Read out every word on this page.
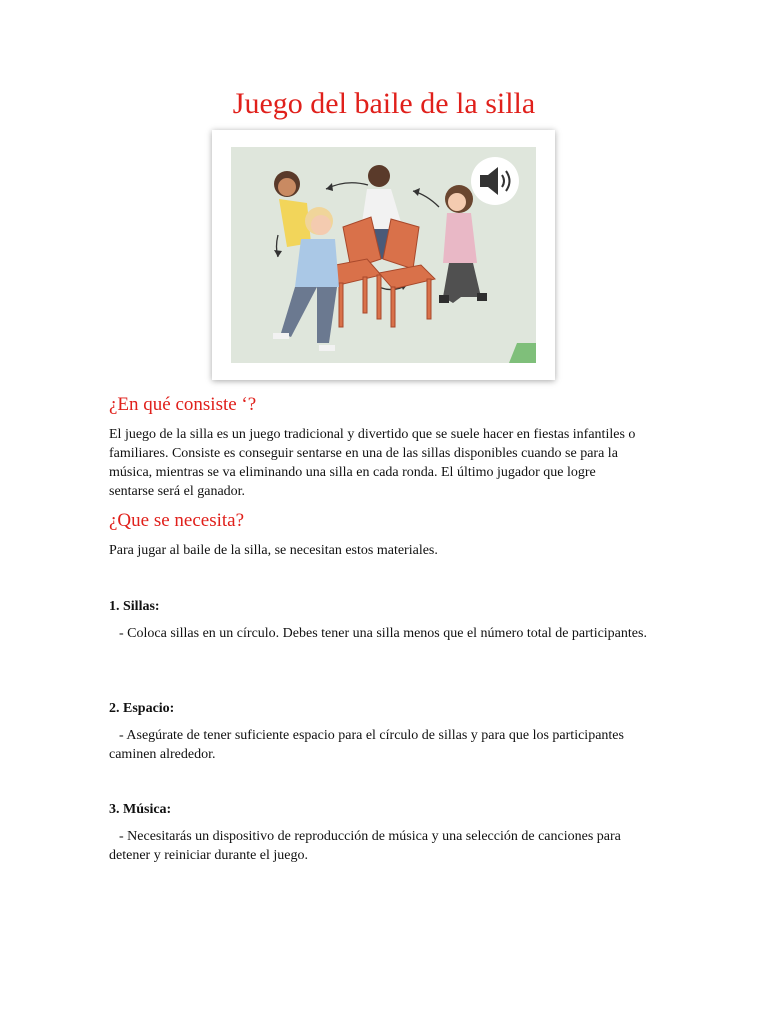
Juego del baile de la silla
¿En qué consiste ‘?

El juego de la silla es un juego tradicional y divertido que se suele hacer en fiestas infantiles o familiares. Consiste es conseguir sentarse en una de las sillas disponibles cuando se para la música, mientras se va eliminando una silla en cada ronda. El último jugador que logre sentarse será el ganador.

¿Que se necesita?

Para jugar al baile de la silla, se necesitan estos materiales.

1. Sillas:

- Coloca sillas en un círculo. Debes tener una silla menos que el número total de participantes.

2. Espacio:

- Asegúrate de tener suficiente espacio para el círculo de sillas y para que los participantes caminen alrededor.

3. Música:

- Necesitarás un dispositivo de reproducción de música y una selección de canciones para detener y reiniciar durante el juego.
